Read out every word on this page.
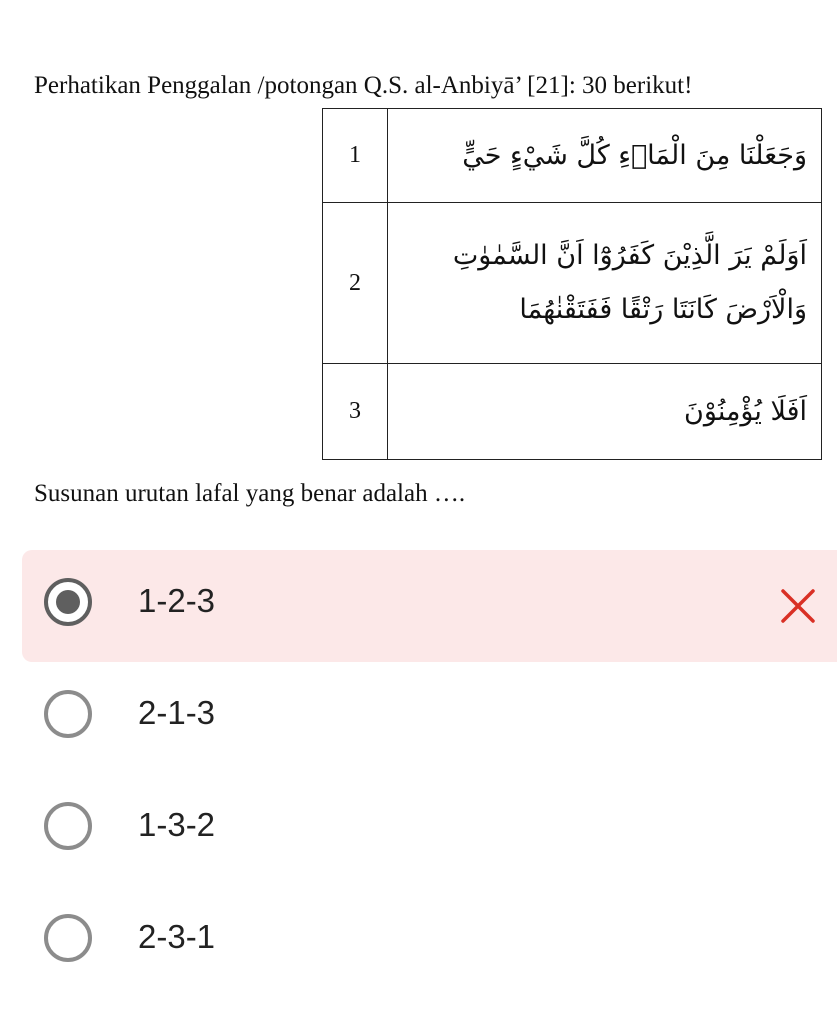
Perhatikan Penggalan /potongan Q.S. al-Anbiyā’ [21]: 30 berikut!
1	وَجَعَلْنَا مِنَ الْمَاۤءِ كُلَّ شَيْءٍ حَيٍّ

2	اَوَلَمْ يَرَ الَّذِيْنَ كَفَرُوْٓا اَنَّ السَّمٰوٰتِ
وَالْاَرْضَ كَانَتَا رَتْقًا فَفَتَقْنٰهُمَا

3	اَفَلَا يُؤْمِنُوْنَ
Susunan urutan lafal yang benar adalah ….
1-2-3
2-1-3
1-3-2
2-3-1
